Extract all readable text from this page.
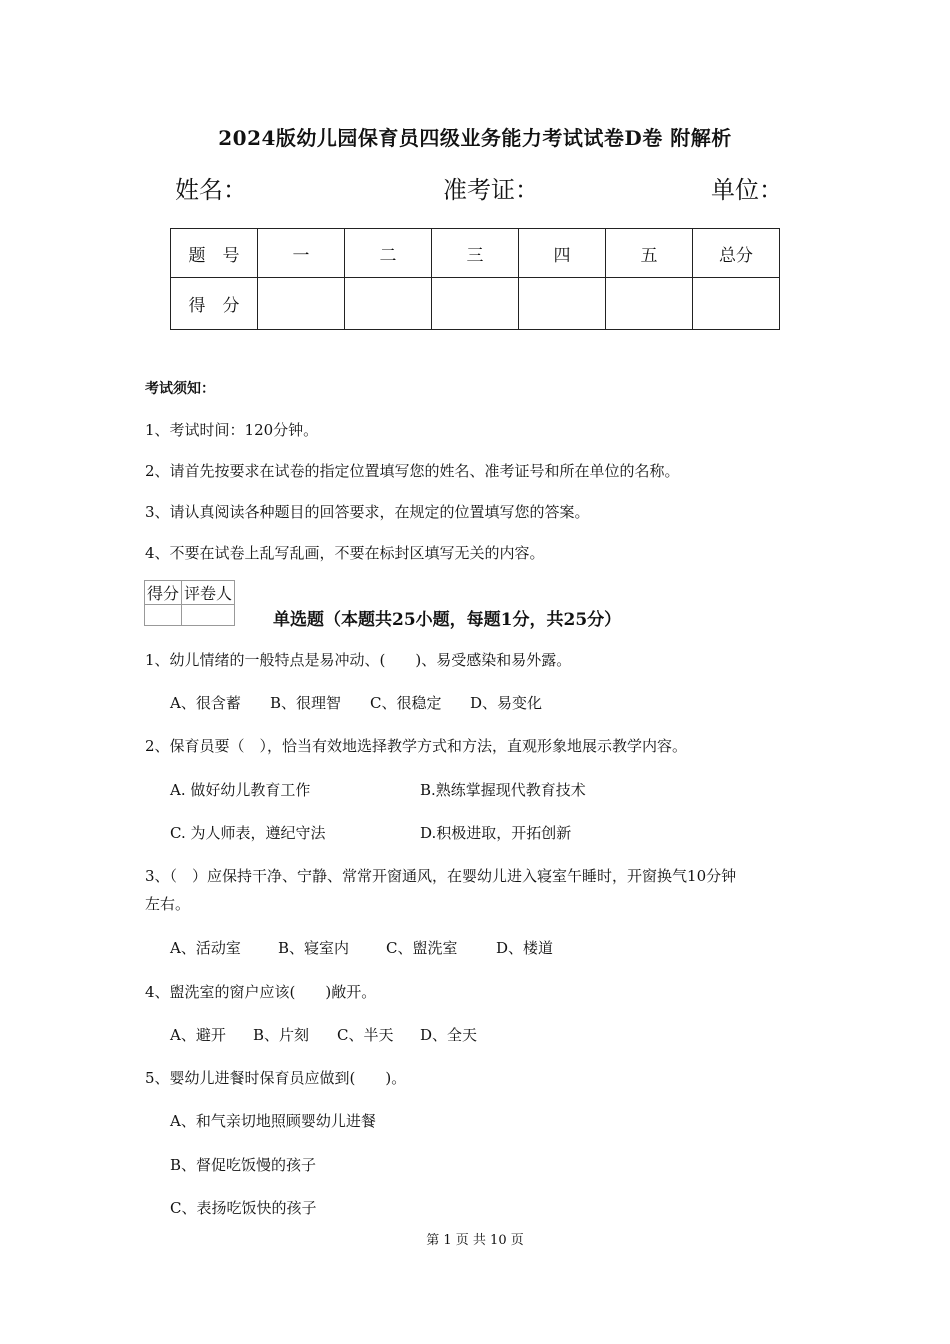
2024版幼儿园保育员四级业务能力考试试卷D卷 附解析
姓名：	准考证：	单位：
题　号	一	二	三	四	五	总分
得　分						
考试须知：
1、考试时间：120分钟。
2、请首先按要求在试卷的指定位置填写您的姓名、准考证号和所在单位的名称。
3、请认真阅读各种题目的回答要求，在规定的位置填写您的答案。
4、不要在试卷上乱写乱画，不要在标封区填写无关的内容。
得分	评卷人

单选题（本题共25小题，每题1分，共25分）
1、幼儿情绪的一般特点是易冲动、(　　)、易受感染和易外露。
A、很含蓄 B、很理智 C、很稳定 D、易变化
2、保育员要（　），恰当有效地选择教学方式和方法，直观形象地展示教学内容。
A. 做好幼儿教育工作	B.熟练掌握现代教育技术
C. 为人师表，遵纪守法	D.积极进取，开拓创新
3、（　）应保持干净、宁静、常常开窗通风，在婴幼儿进入寝室午睡时，开窗换气10分钟
左右。
A、活动室 B、寝室内 C、盥洗室	D、楼道
4、盥洗室的窗户应该(　　)敞开。
A、避开 B、片刻 C、半天 D、全天
5、婴幼儿进餐时保育员应做到(　　)。
A、和气亲切地照顾婴幼儿进餐
B、督促吃饭慢的孩子
C、表扬吃饭快的孩子
第 1 页 共 10 页
